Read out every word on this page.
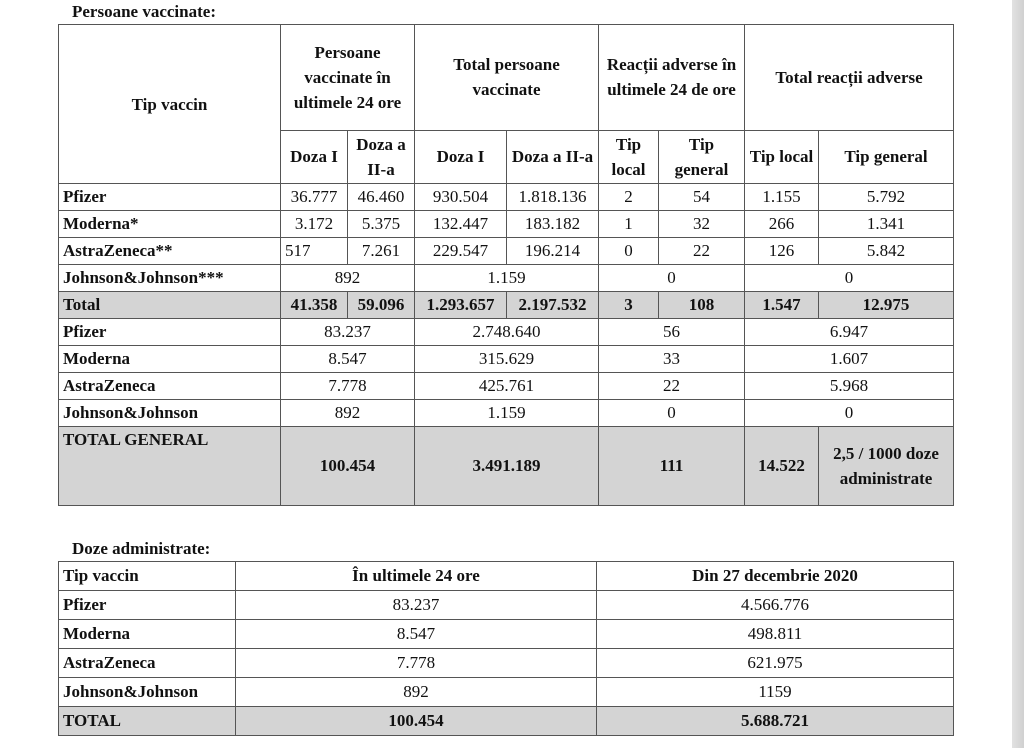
Persoane vaccinate:
Tip vaccin	Persoane vaccinate în ultimele 24 ore		Total persoane vaccinate		Reacții adverse în ultimele 24 de ore		Total reacții adverse	
	Doza I	Doza a II-a	Doza I	Doza a II-a	Tip local	Tip general	Tip local	Tip general
Pfizer	36.777	46.460	930.504	1.818.136	2	54	1.155	5.792
Moderna*	3.172	5.375	132.447	183.182	1	32	266	1.341
AstraZeneca**	517	7.261	229.547	196.214	0	22	126	5.842
Johnson&Johnson***	892		1.159		0		0	
Total	41.358	59.096	1.293.657	2.197.532	3	108	1.547	12.975
Pfizer	83.237		2.748.640		56		6.947	
Moderna	8.547		315.629		33		1.607	
AstraZeneca	7.778		425.761		22		5.968	
Johnson&Johnson	892		1.159		0		0	
TOTAL GENERAL	100.454		3.491.189		111		14.522	2,5 / 1000 doze administrate
Doze administrate:
Tip vaccin	În ultimele 24 ore	Din 27 decembrie 2020
Pfizer	83.237	4.566.776
Moderna	8.547	498.811
AstraZeneca	7.778	621.975
Johnson&Johnson	892	1159
TOTAL	100.454	5.688.721
